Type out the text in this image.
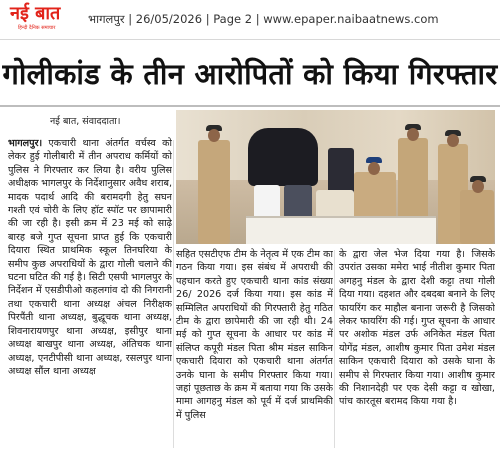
नई बात
हिन्दी दैनिक समाचार
भागलपुर | 26/05/2026 | Page 2 | www.epaper.naibaatnews.com
गोलीकांड के तीन आरोपितों को किया गिरफ्तार
नई बात, संवाददाता।

भागलपुर। एकचारी थाना अंतर्गत वर्चस्व को लेकर हुई गोलीबारी में तीन अपराध कर्मियों को पुलिस ने गिरफ्तार कर लिया है। वरीय पुलिस अधीक्षक भागलपुर के निर्देशानुसार अवैध शराब, मादक पदार्थ आदि की बरामदगी हेतु सघन गश्ती एवं चोरी के लिए हॉट स्पॉट पर छापामारी की जा रही है। इसी क्रम में 23 मई को साढ़े बारह बजे गुप्त सूचना प्राप्त हुई कि एकचारी दियारा स्थित प्राथमिक स्कूल तिनघरिया के समीप कुछ अपराधियों के द्वारा गोली चलाने की घटना घटित की गई है। सिटी एसपी भागलपुर के निर्देशन में एसडीपीओ कहलगांव दो की निगरानी तथा एकचारी थाना अध्यक्ष अंचल निरीक्षक पिरपैंती थाना अध्यक्ष, बुद्धूचक थाना अध्यक्ष, शिवनारायणपुर थाना अध्यक्ष, इसीपुर थाना अध्यक्ष बाखपुर थाना अध्यक्ष, अंतिचक थाना अध्यक्ष, एनटीपीसी थाना अध्यक्ष, रसलपुर थाना अध्यक्ष सौंल थाना अध्यक्ष

सहित एसटीएफ टीम के नेतृत्व में एक टीम का गठन किया गया। इस संबंध में अपराधी की पहचान करते हुए एकचारी थाना कांड संख्या 26/ 2026 दर्ज किया गया। इस कांड में सम्मिलित अपराधियों की गिरफ्तारी हेतु गठित टीम के द्वारा छापेमारी की जा रही थी। 24 मई को गुप्त सूचना के आधार पर कांड में संलिप्त कपूरी मंडल पिता श्रीम मंडल साकिन एकचारी दियारा को एकचारी थाना अंतर्गत उनके घाना के समीप गिरफ्तार किया गया। जहां पूछताछ के क्रम में बताया गया कि उसके मामा आगहनु मंडल को पूर्व में दर्ज प्राथमिकी में पुलिस

के द्वारा जेल भेज दिया गया है। जिसके उपरांत उसका ममेरा भाई नीतीश कुमार पिता अगहनु मंडल के द्वारा देशी कट्टा तथा गोली दिया गया। दहशत और दबदबा बनाने के लिए फायरिंग कर माहौल बनाना जरूरी है जिसको लेकर फायरिंग की गई। गुप्त सूचना के आधार पर अशोक मंडल उर्फ अनिकेत मंडल पिता योगेंद्र मंडल, आशीष कुमार पिता उमेश मंडल साकिन एकचारी दियारा को उसके घाना के समीप से गिरफ्तार किया गया। आशीष कुमार की निशानदेही पर एक देसी कट्टा व खोखा, पांच कारतूस बरामद किया गया है।
